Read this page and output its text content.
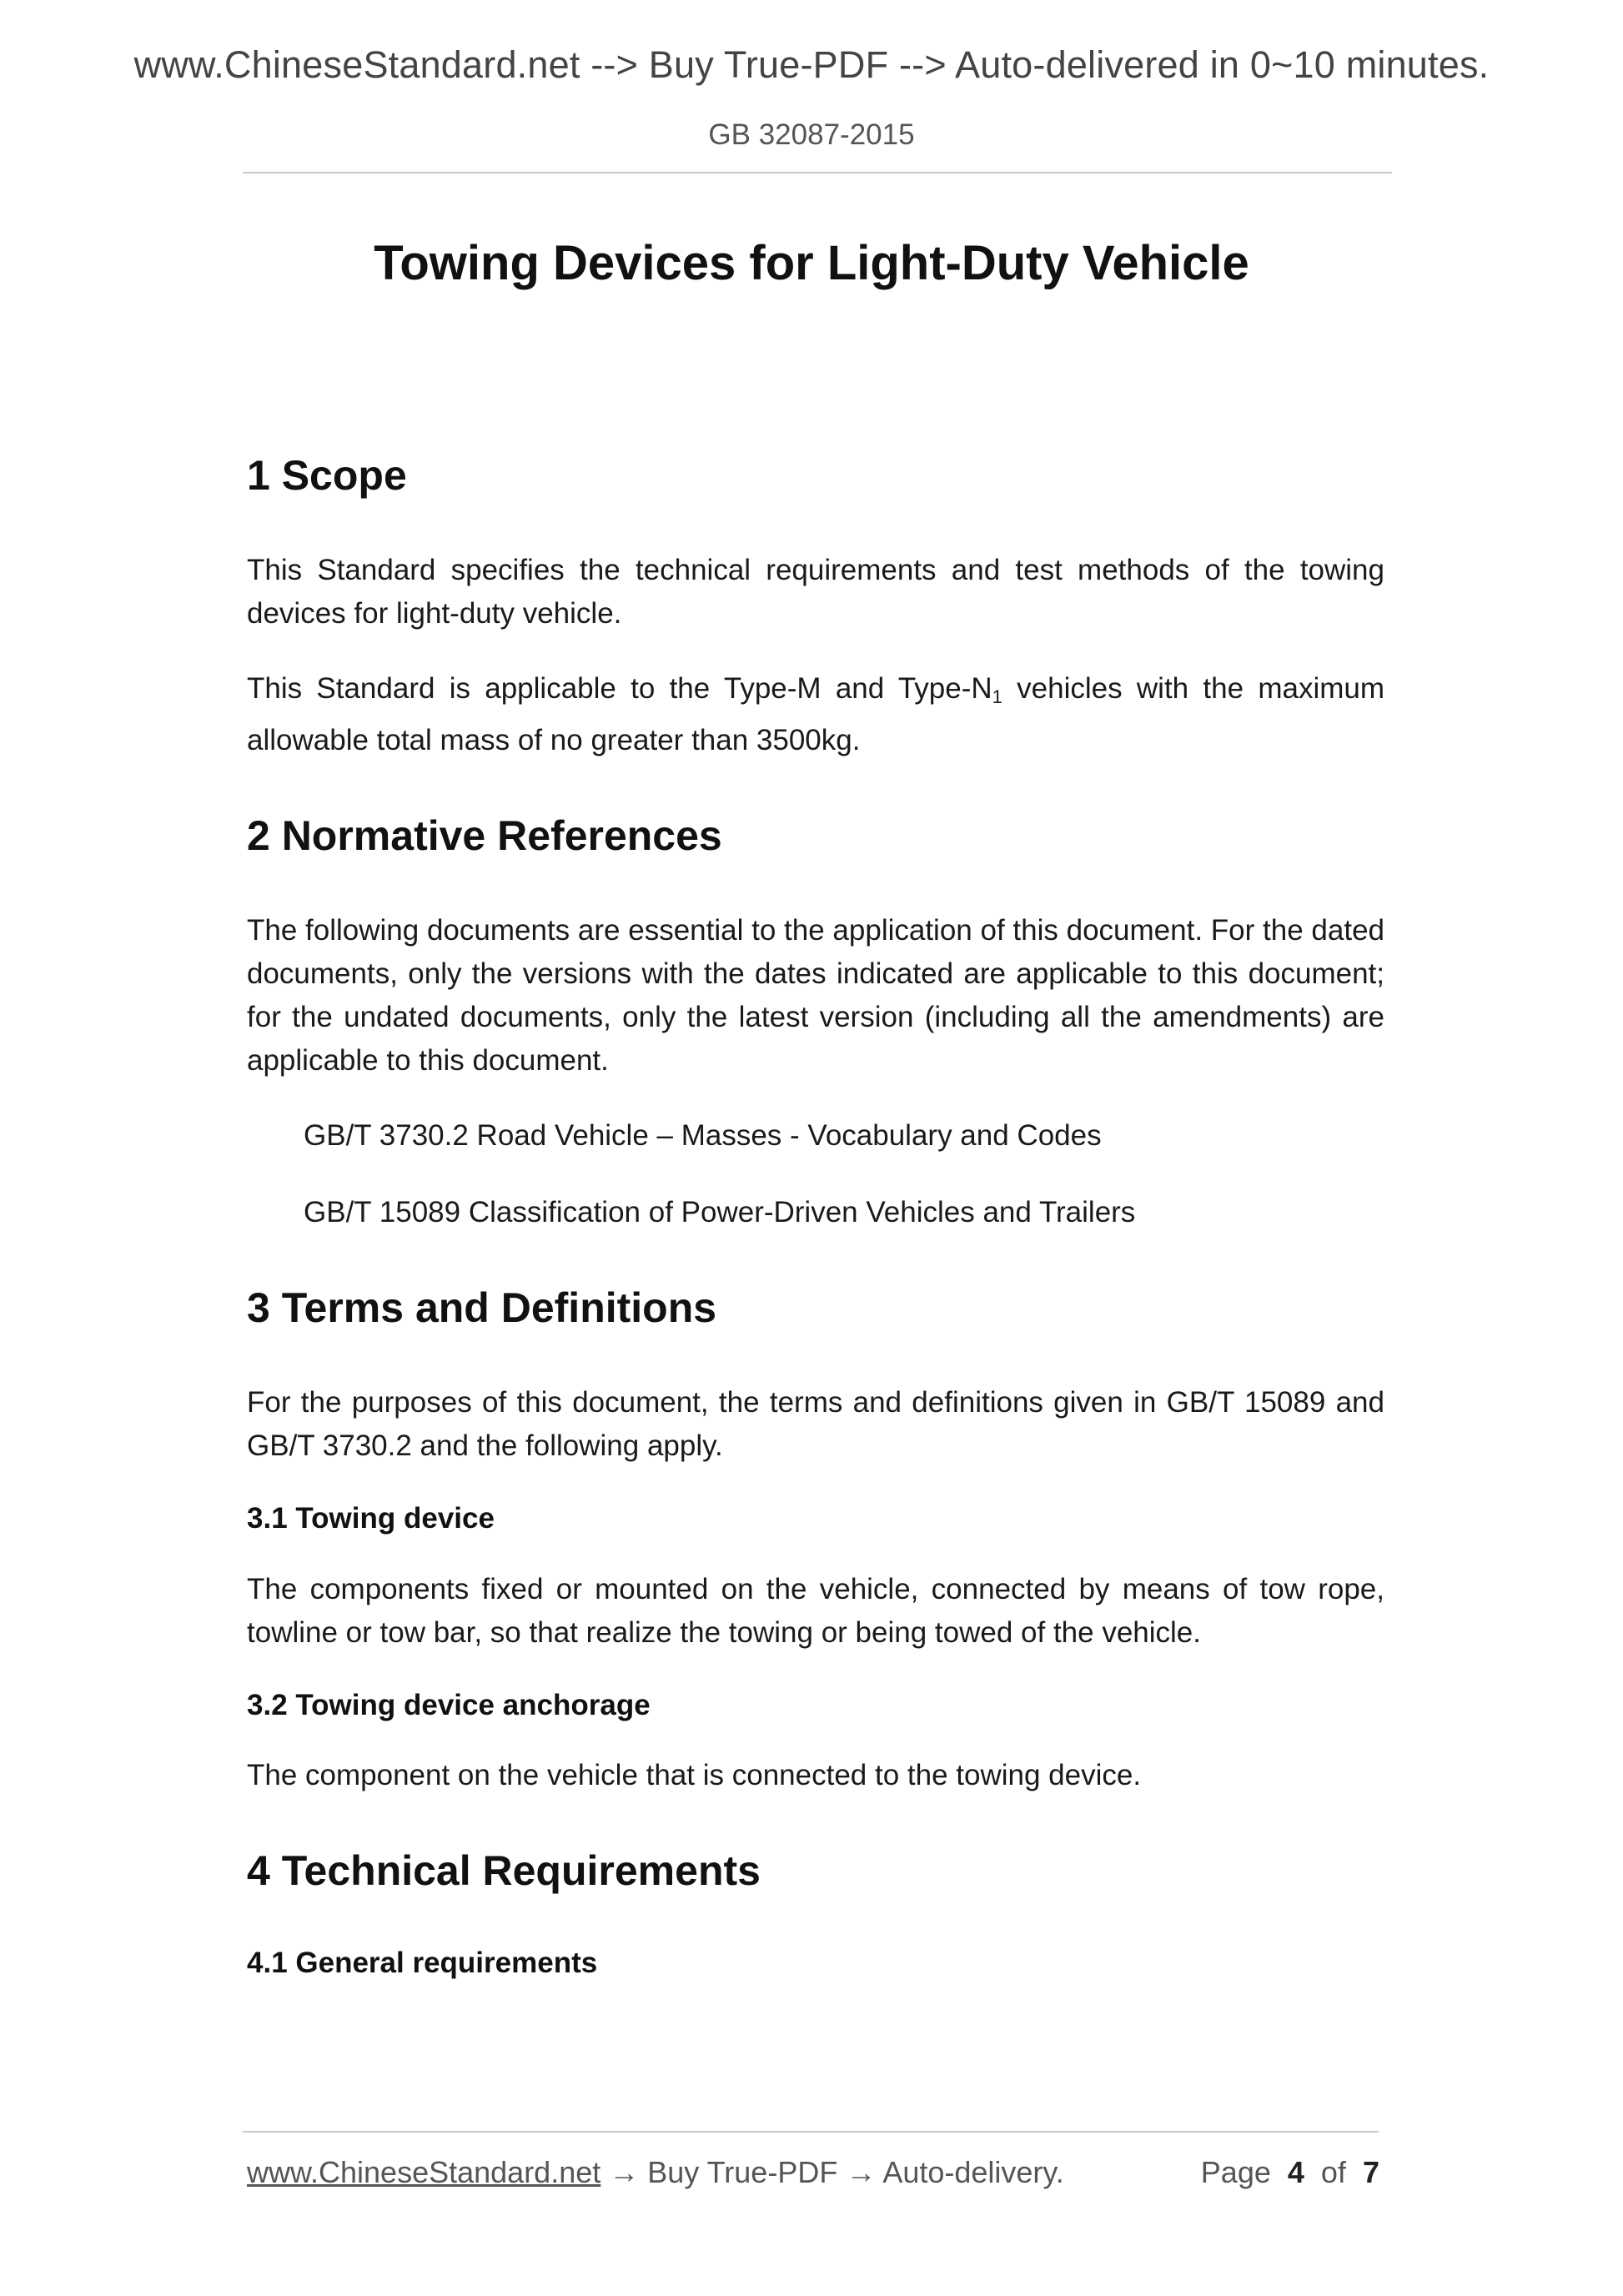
www.ChineseStandard.net --> Buy True-PDF --> Auto-delivered in 0~10 minutes.
GB 32087-2015
Towing Devices for Light-Duty Vehicle
1 Scope

This Standard specifies the technical requirements and test methods of the towing devices for light-duty vehicle.

This Standard is applicable to the Type-M and Type-$N_1$ vehicles with the maximum allowable total mass of no greater than 3500kg.

2 Normative References

The following documents are essential to the application of this document. For the dated documents, only the versions with the dates indicated are applicable to this document; for the undated documents, only the latest version (including all the amendments) are applicable to this document.

GB/T 3730.2 Road Vehicle – Masses - Vocabulary and Codes

GB/T 15089 Classification of Power-Driven Vehicles and Trailers

3 Terms and Definitions

For the purposes of this document, the terms and definitions given in GB/T 15089 and GB/T 3730.2 and the following apply.

3.1 Towing device

The components fixed or mounted on the vehicle, connected by means of tow rope, towline or tow bar, so that realize the towing or being towed of the vehicle.

3.2 Towing device anchorage

The component on the vehicle that is connected to the towing device.

4 Technical Requirements
4.1 General requirements
www.ChineseStandard.net → Buy True-PDF → Auto-delivery.	Page 4 of 7
